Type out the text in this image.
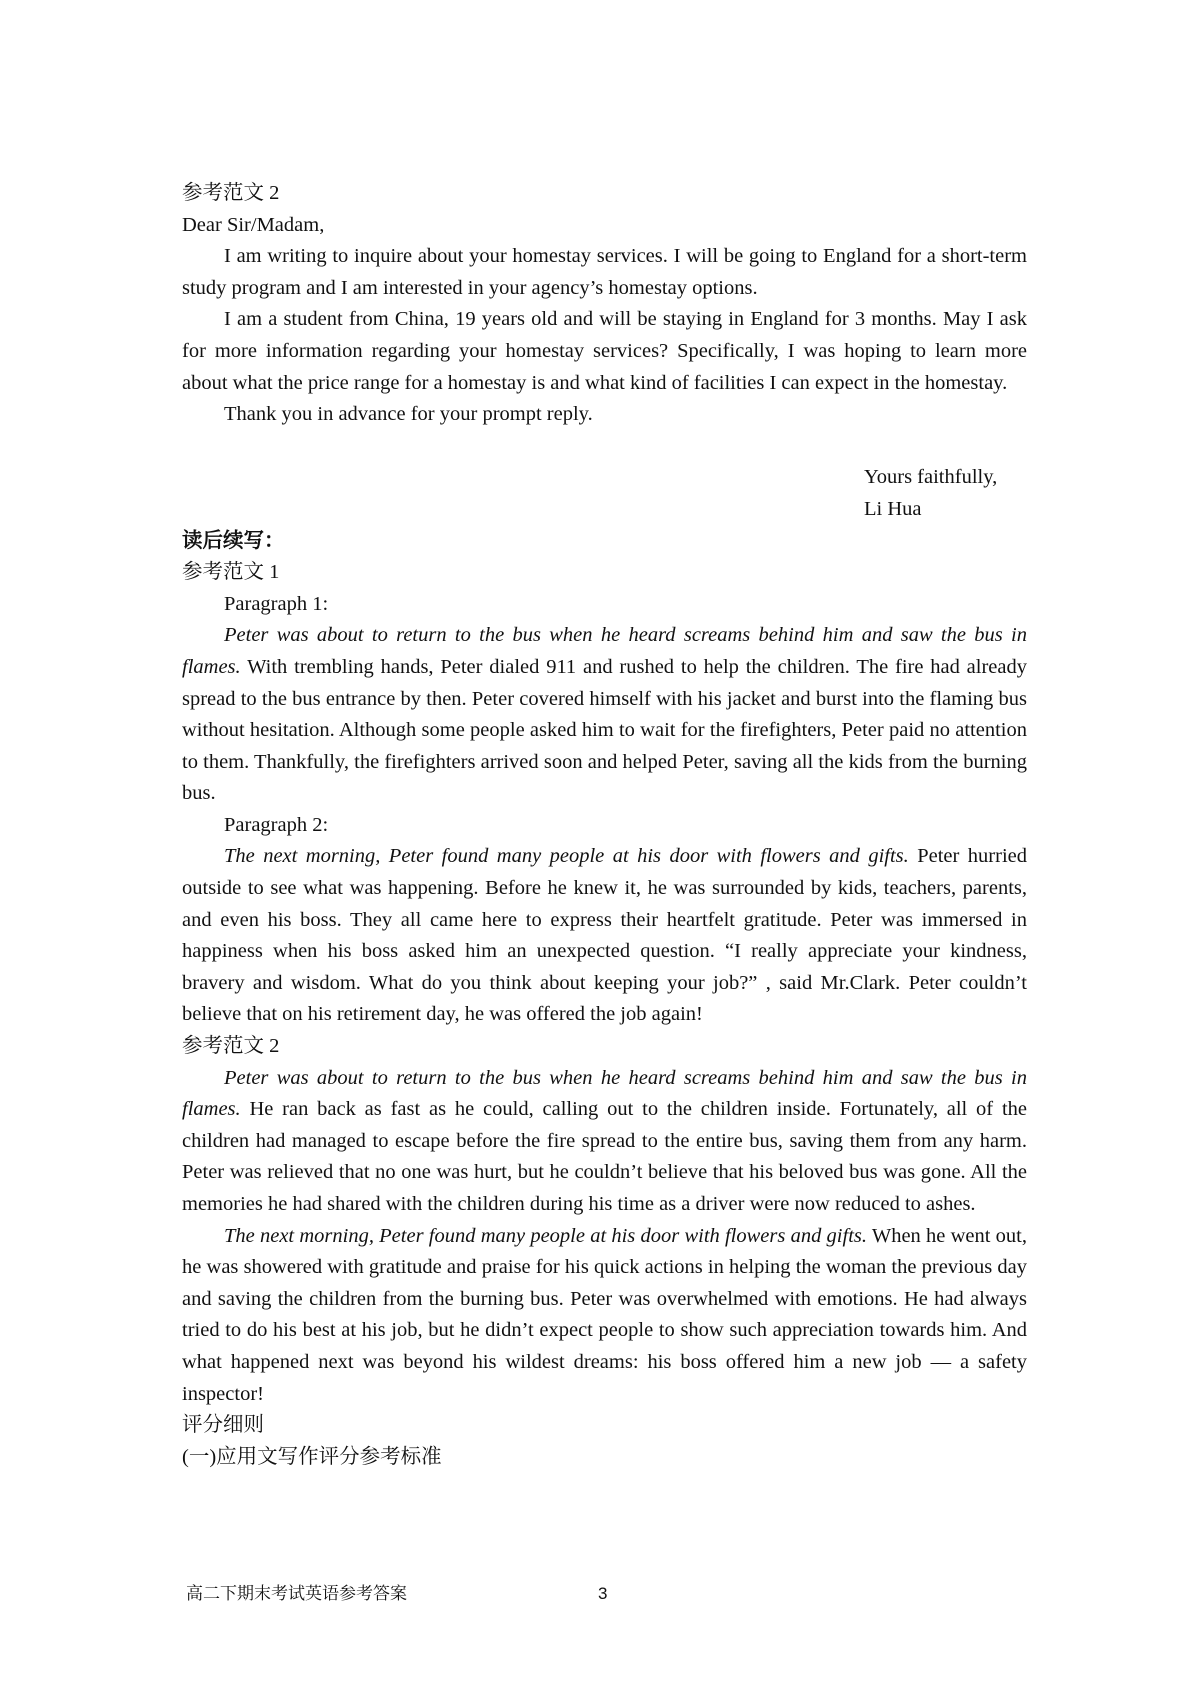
参考范文 2

Dear Sir/Madam,

I am writing to inquire about your homestay services. I will be going to England for a short-term study program and I am interested in your agency’s homestay options.

I am a student from China, 19 years old and will be staying in England for 3 months. May I ask for more information regarding your homestay services? Specifically, I was hoping to learn more about what the price range for a homestay is and what kind of facilities I can expect in the homestay.

Thank you in advance for your prompt reply.

Yours faithfully,

Li Hua

读后续写：

参考范文 1

Paragraph 1:

Peter was about to return to the bus when he heard screams behind him and saw the bus in flames. With trembling hands, Peter dialed 911 and rushed to help the children. The fire had already spread to the bus entrance by then. Peter covered himself with his jacket and burst into the flaming bus without hesitation. Although some people asked him to wait for the firefighters, Peter paid no attention to them. Thankfully, the firefighters arrived soon and helped Peter, saving all the kids from the burning bus.

Paragraph 2:

The next morning, Peter found many people at his door with flowers and gifts. Peter hurried outside to see what was happening. Before he knew it, he was surrounded by kids, teachers, parents, and even his boss. They all came here to express their heartfelt gratitude. Peter was immersed in happiness when his boss asked him an unexpected question. “I really appreciate your kindness, bravery and wisdom. What do you think about keeping your job?” , said Mr.Clark. Peter couldn’t believe that on his retirement day, he was offered the job again!

参考范文 2

Peter was about to return to the bus when he heard screams behind him and saw the bus in flames. He ran back as fast as he could, calling out to the children inside. Fortunately, all of the children had managed to escape before the fire spread to the entire bus, saving them from any harm. Peter was relieved that no one was hurt, but he couldn’t believe that his beloved bus was gone. All the memories he had shared with the children during his time as a driver were now reduced to ashes.

The next morning, Peter found many people at his door with flowers and gifts. When he went out, he was showered with gratitude and praise for his quick actions in helping the woman the previous day and saving the children from the burning bus. Peter was overwhelmed with emotions. He had always tried to do his best at his job, but he didn’t expect people to show such appreciation towards him. And what happened next was beyond his wildest dreams: his boss offered him a new job — a safety inspector!

评分细则

(一)应用文写作评分参考标准

高二下期末考试英语参考答案	3
